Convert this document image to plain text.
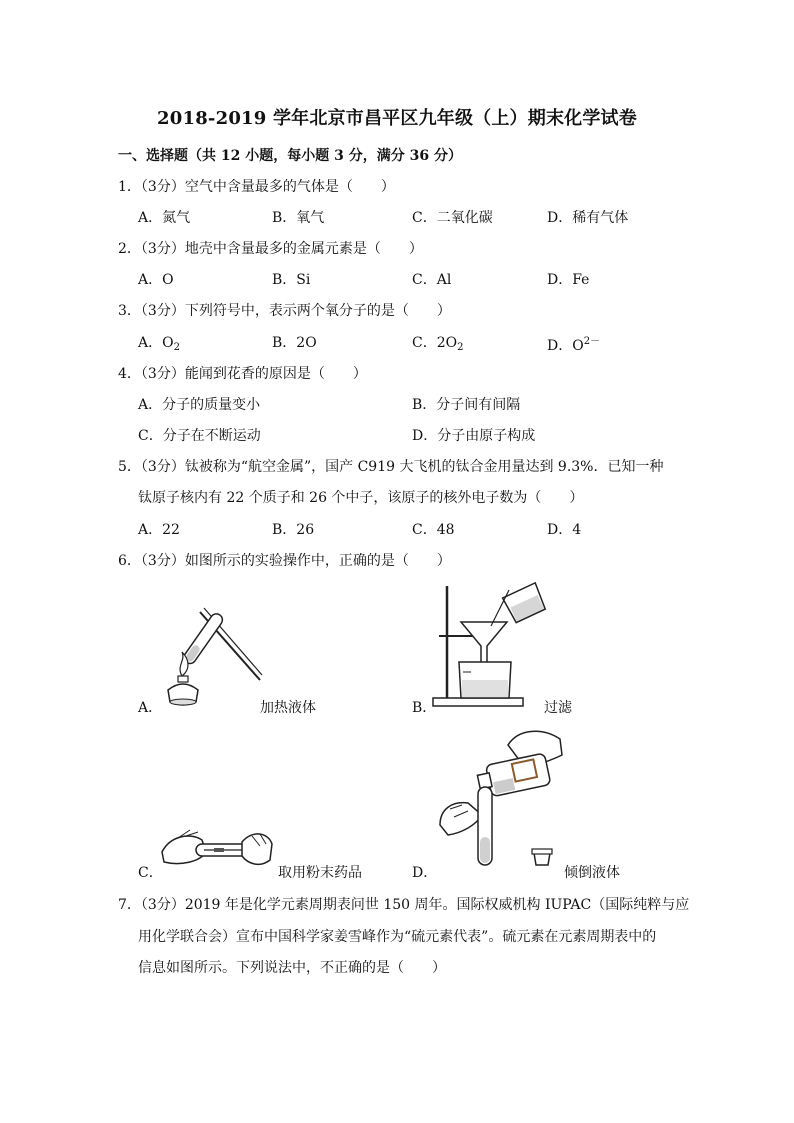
2018-2019 学年北京市昌平区九年级（上）期末化学试卷
一、选择题（共 12 小题，每小题 3 分，满分 36 分）
1．（3分）空气中含量最多的气体是（　　）
A．氮气	B．氧气	C．二氧化碳	D．稀有气体
2．（3分）地壳中含量最多的金属元素是（　　）
A．O	B．Si	C．Al	D．Fe
3．（3分）下列符号中，表示两个氧分子的是（　　）
A．$O_2$	B．2O	C．$2O_2$	D．$O^{2-}$
4．（3分）能闻到花香的原因是（　　）
A．分子的质量变小	B．分子间有间隔
C．分子在不断运动	D．分子由原子构成
5．（3分）钛被称为“航空金属”，国产 C919 大飞机的钛合金用量达到 9.3%．已知一种
钛原子核内有 22 个质子和 26 个中子，该原子的核外电子数为（　　）
A．22	B．26	C．48	D．4
6．（3分）如图所示的实验操作中，正确的是（　　）
A．	加热液体	B．	过滤
C．	取用粉末药品	D．	倾倒液体
7．（3分）2019 年是化学元素周期表问世 150 周年。国际权威机构 IUPAC（国际纯粹与应
用化学联合会）宣布中国科学家姜雪峰作为“硫元素代表”。硫元素在元素周期表中的
信息如图所示。下列说法中，不正确的是（　　）
